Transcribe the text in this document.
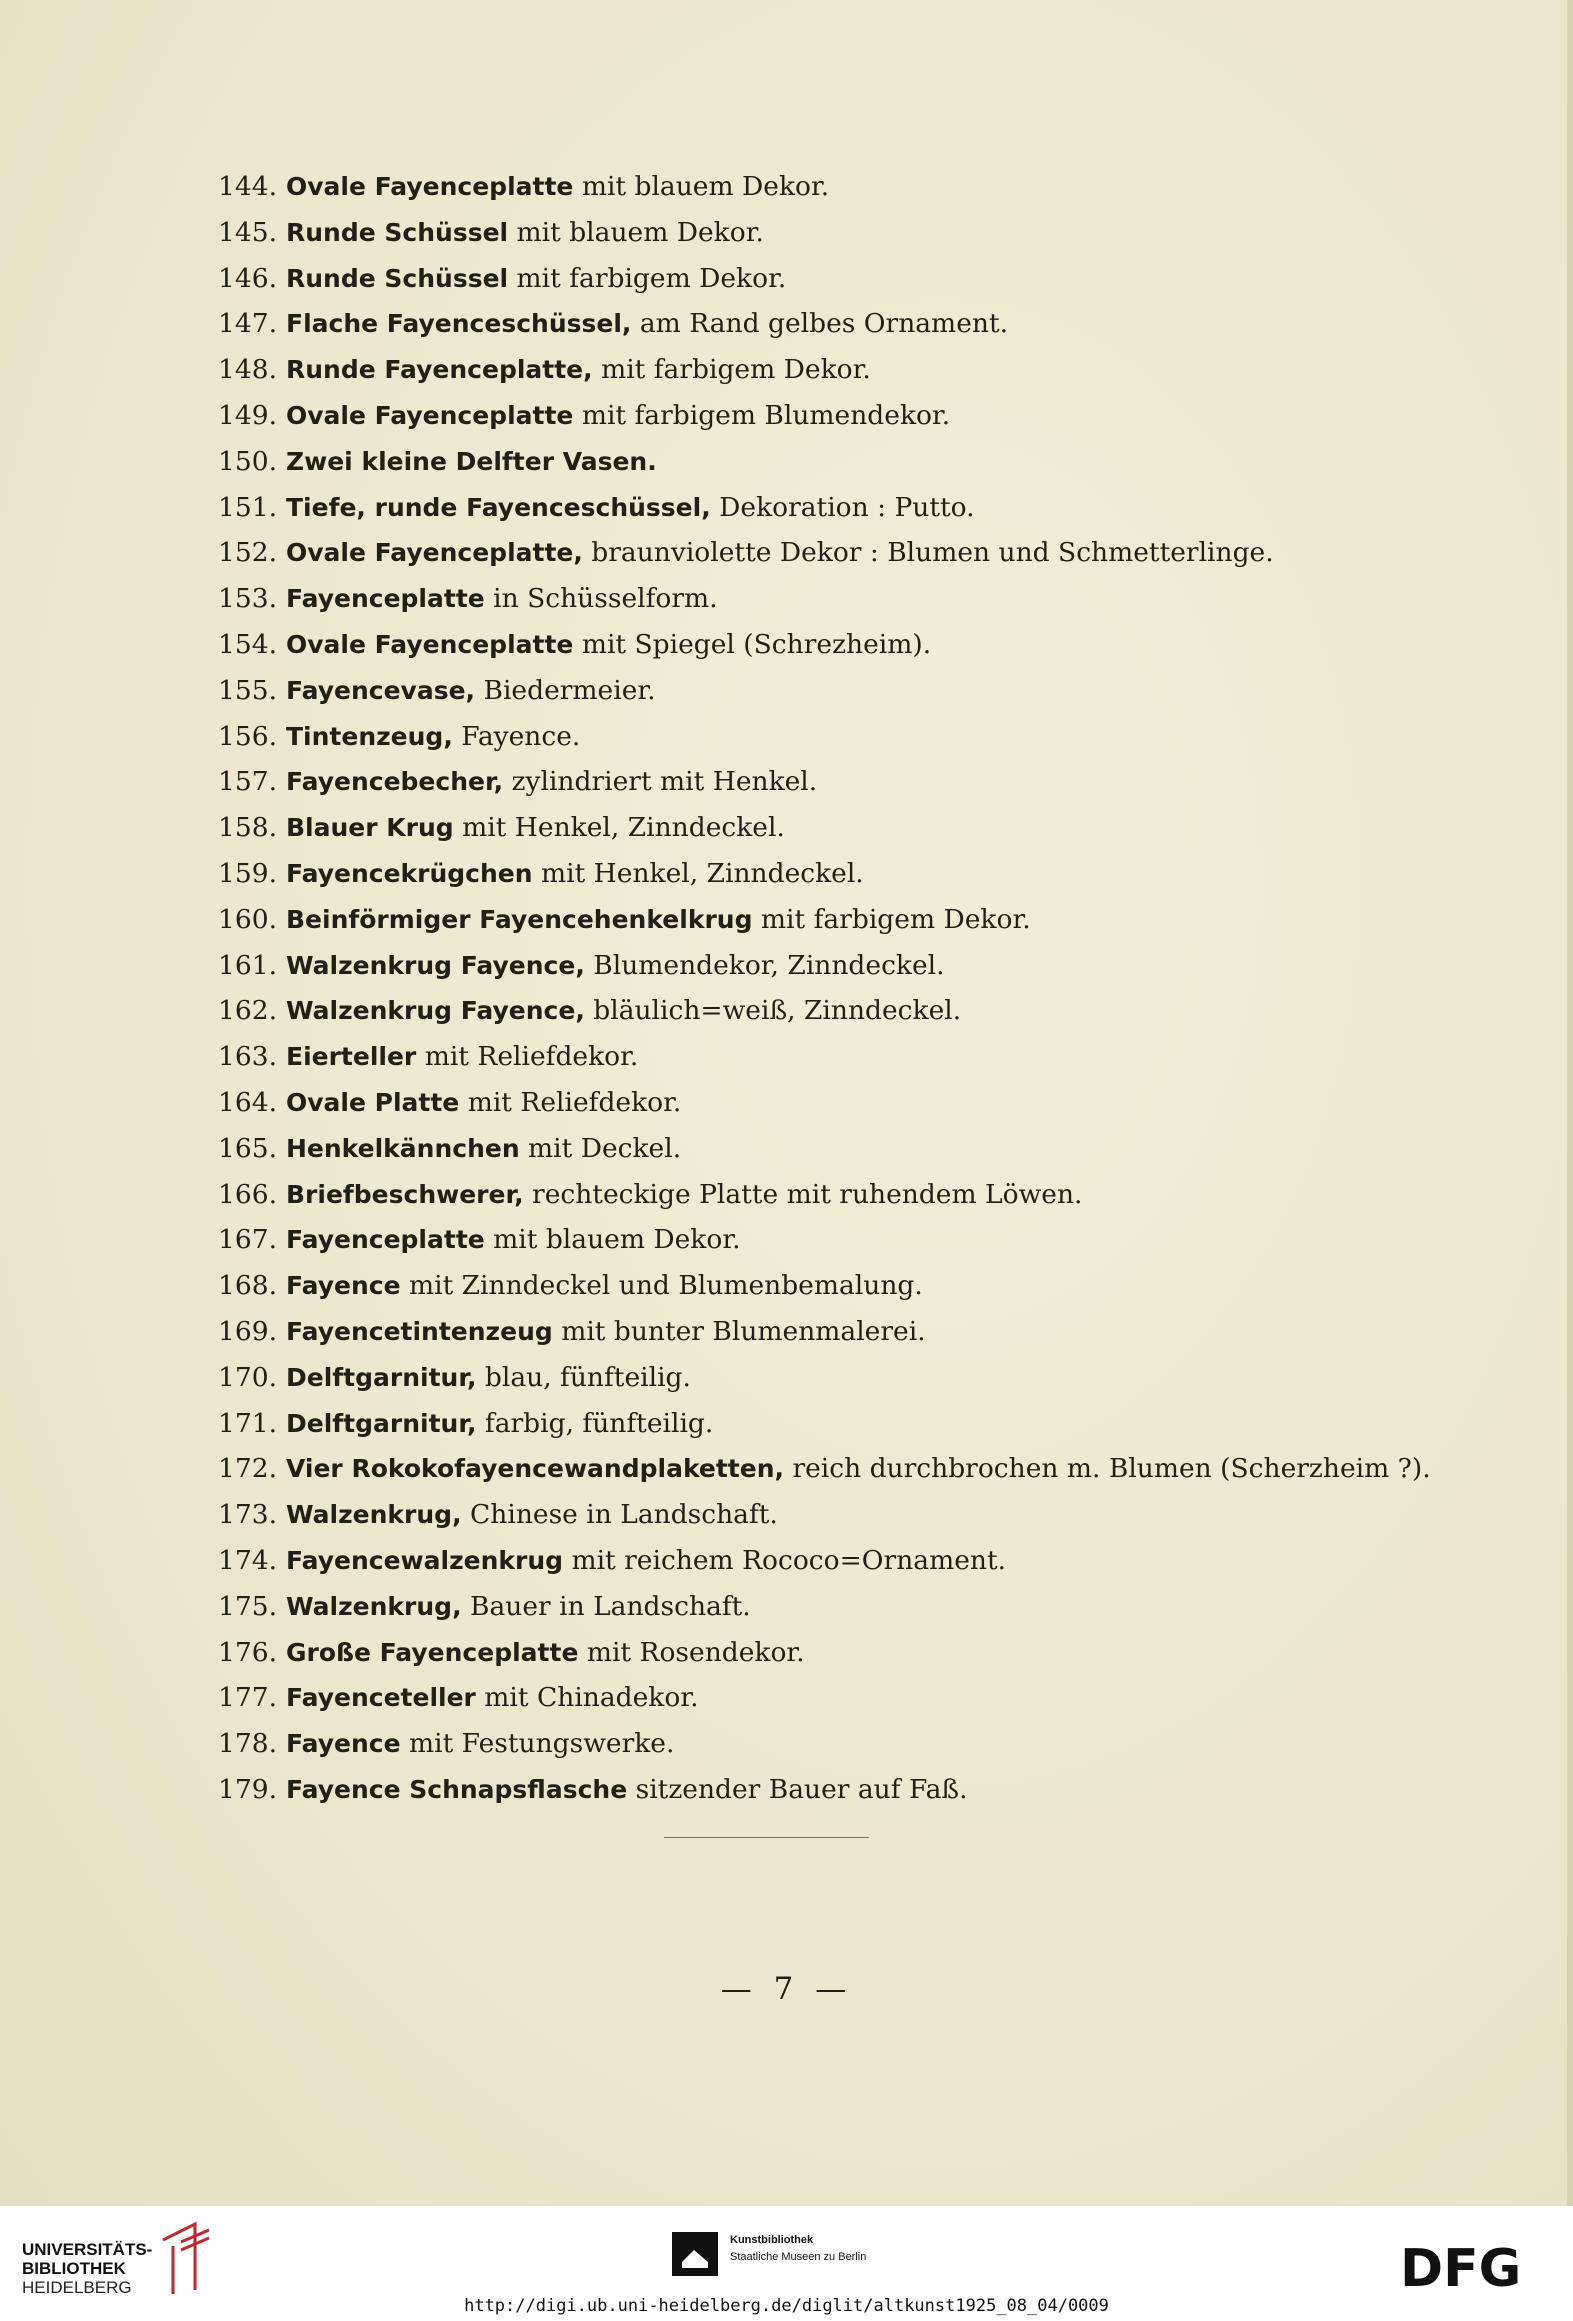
144. Ovale Fayenceplatte mit blauem Dekor.
145. Runde Schüssel mit blauem Dekor.
146. Runde Schüssel mit farbigem Dekor.
147. Flache Fayenceschüssel, am Rand gelbes Ornament.
148. Runde Fayenceplatte, mit farbigem Dekor.
149. Ovale Fayenceplatte mit farbigem Blumendekor.
150. Zwei kleine Delfter Vasen.
151. Tiefe, runde Fayenceschüssel, Dekoration : Putto.
152. Ovale Fayenceplatte, braunviolette Dekor : Blumen und Schmetterlinge.
153. Fayenceplatte in Schüsselform.
154. Ovale Fayenceplatte mit Spiegel (Schrezheim).
155. Fayencevase, Biedermeier.
156. Tintenzeug, Fayence.
157. Fayencebecher, zylindriert mit Henkel.
158. Blauer Krug mit Henkel, Zinndeckel.
159. Fayencekrügchen mit Henkel, Zinndeckel.
160. Beinförmiger Fayencehenkelkrug mit farbigem Dekor.
161. Walzenkrug Fayence, Blumendekor, Zinndeckel.
162. Walzenkrug Fayence, bläulich=weiß, Zinndeckel.
163. Eierteller mit Reliefdekor.
164. Ovale Platte mit Reliefdekor.
165. Henkelkännchen mit Deckel.
166. Briefbeschwerer, rechteckige Platte mit ruhendem Löwen.
167. Fayenceplatte mit blauem Dekor.
168. Fayence mit Zinndeckel und Blumenbemalung.
169. Fayencetintenzeug mit bunter Blumenmalerei.
170. Delftgarnitur, blau, fünfteilig.
171. Delftgarnitur, farbig, fünfteilig.
172. Vier Rokokofayencewandplaketten, reich durchbrochen m. Blumen (Scherzheim ?).
173. Walzenkrug, Chinese in Landschaft.
174. Fayencewalzenkrug mit reichem Rococo=Ornament.
175. Walzenkrug, Bauer in Landschaft.
176. Große Fayenceplatte mit Rosendekor.
177. Fayenceteller mit Chinadekor.
178. Fayence mit Festungswerke.
179. Fayence Schnapsflasche sitzender Bauer auf Faß.
— 7 —
UNIVERSITÄTS-
BIBLIOTHEK
HEIDELBERG
Kunstbibliothek
Staatliche Museen zu Berlin	DFG
http://digi.ub.uni-heidelberg.de/diglit/altkunst1925_08_04/0009
